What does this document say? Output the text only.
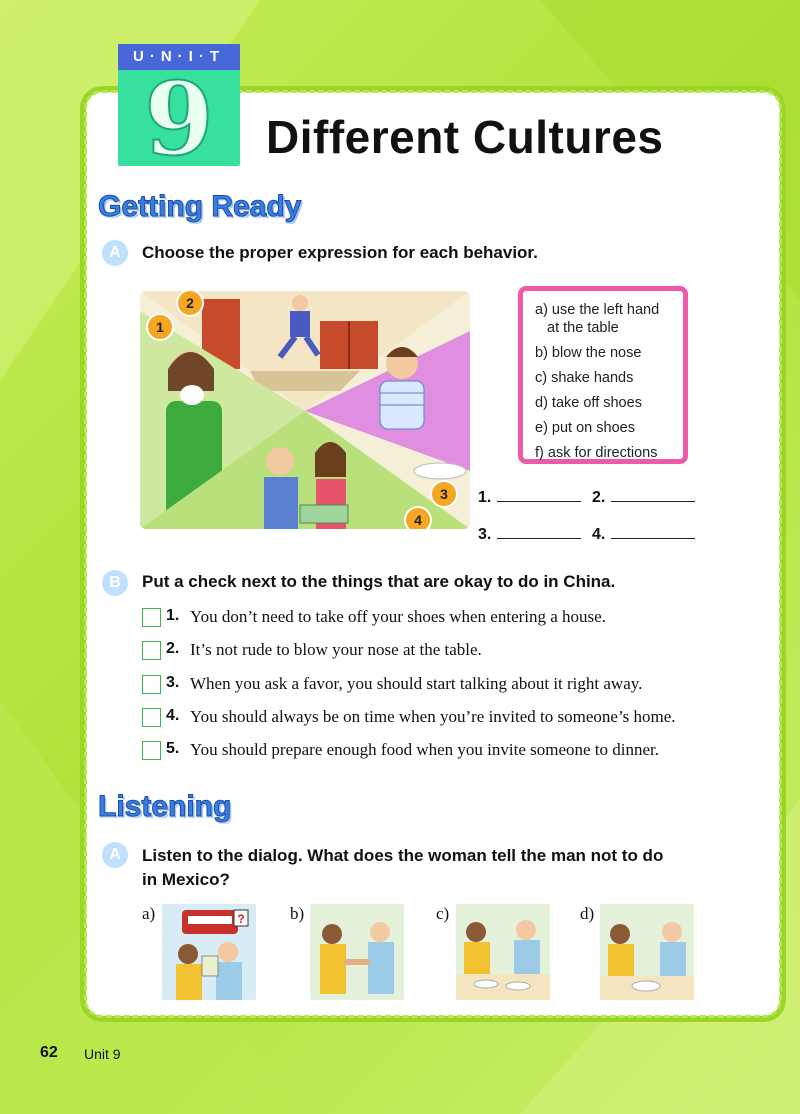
U·N·I·T
9	Different Cultures
Getting Ready
A	Choose the proper expression for each behavior.
2
1
3
4
a) use the left hand
at the table
b) blow the nose
c) shake hands
d) take off shoes
e) put on shoes
f) ask for directions
1.	2.
3.	4.
B	Put a check next to the things that are okay to do in China.
1. You don’t need to take off your shoes when entering a house.
2. It’s not rude to blow your nose at the table.
3. When you ask a favor, you should start talking about it right away.
4. You should always be on time when you’re invited to someone’s home.
5. You should prepare enough food when you invite someone to dinner.
Listening
A	Listen to the dialog. What does the woman tell the man not to do
in Mexico?
a)	?	b)	c)	d)
62 Unit 9
